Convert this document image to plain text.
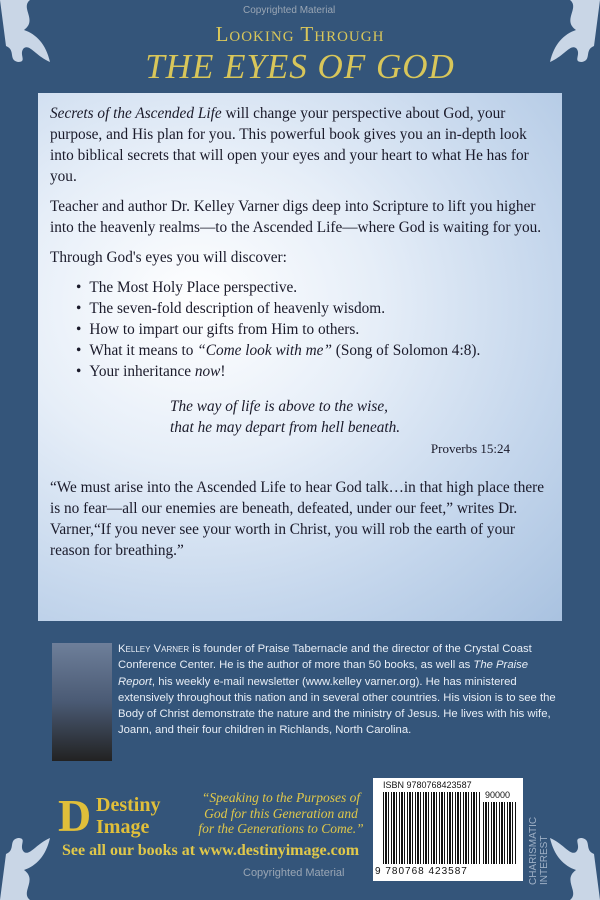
Copyrighted Material
Looking Through
THE EYES OF GOD

Secrets of the Ascended Life will change your perspective about God, your purpose, and His plan for you. This powerful book gives you an in-depth look into biblical secrets that will open your eyes and your heart to what He has for you.

Teacher and author Dr. Kelley Varner digs deep into Scripture to lift you higher into the heavenly realms—to the Ascended Life—where God is waiting for you.

Through God's eyes you will discover:

• The Most Holy Place perspective.
• The seven-fold description of heavenly wisdom.
• How to impart our gifts from Him to others.
• What it means to “Come look with me” (Song of Solomon 4:8).
• Your inheritance now!
The way of life is above to the wise,
that he may depart from hell beneath.
Proverbs 15:24

“We must arise into the Ascended Life to hear God talk…in that high place there is no fear—all our enemies are beneath, defeated, under our feet,” writes Dr. Varner,“If you never see your worth in Christ, you will rob the earth of your reason for breathing.”

Kelley Varner is founder of Praise Tabernacle and the director of the Crystal Coast Conference Center. He is the author of more than 50 books, as well as The Praise Report, his weekly e-mail newsletter (www.kelley varner.org). He has ministered extensively throughout this nation and in several other countries. His vision is to see the Body of Christ demonstrate the nature and the ministry of Jesus. He lives with his wife, Joann, and their four children in Richlands, North Carolina.
D Destiny
Image
“Speaking to the Purposes of God for this Generation and for the Generations to Come.”
See all our books at www.destinyimage.com
Copyrighted Material
ISBN 9780768423587
90000
9 780768 423587	CHARISMATIC INTEREST
